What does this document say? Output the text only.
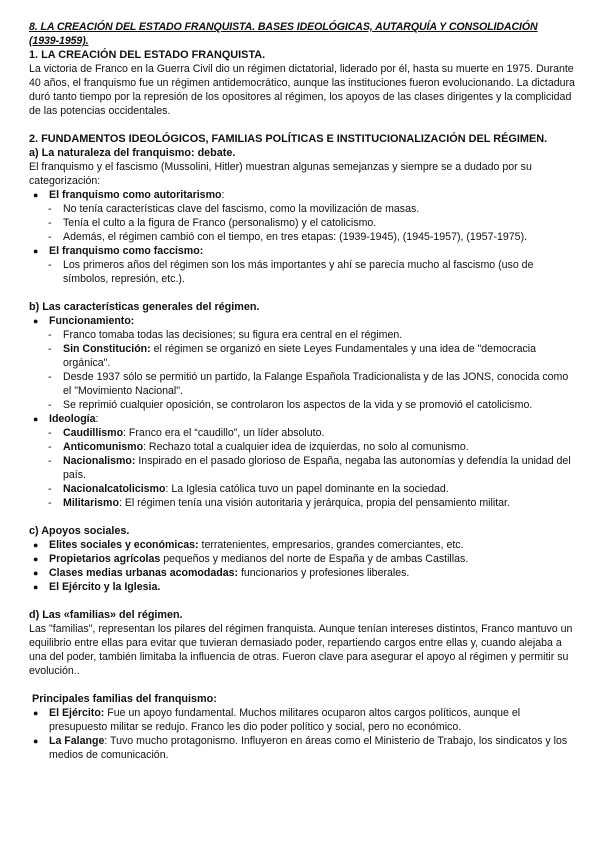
8. LA CREACIÓN DEL ESTADO FRANQUISTA. BASES IDEOLÓGICAS, AUTARQUÍA Y CONSOLIDACIÓN
(1939-1959).
1. LA CREACIÓN DEL ESTADO FRANQUISTA.

La victoria de Franco en la Guerra Civil dio un régimen dictatorial, liderado por él, hasta su muerte en 1975. Durante 40 años, el franquismo fue un régimen antidemocrático, aunque las instituciones fueron evolucionando. La dictadura duró tanto tiempo por la represión de los opositores al régimen, los apoyos de las clases dirigentes y la complicidad de las potencias occidentales.

2. FUNDAMENTOS IDEOLÓGICOS, FAMILIAS POLÍTICAS E INSTITUCIONALIZACIÓN DEL RÉGIMEN.
a) La naturaleza del franquismo: debate.

El franquismo y el fascismo (Mussolini, Hitler) muestran algunas semejanzas y siempre se a dudado por su categorización:

● El franquismo como autoritarismo:
- No tenía características clave del fascismo, como la movilización de masas.
- Tenía el culto a la figura de Franco (personalismo) y el catolicismo.
- Además, el régimen cambió con el tiempo, en tres etapas: (1939-1945), (1945-1957), (1957-1975).
● El franquismo como faccismo:
- Los primeros años del régimen son los más importantes y ahí se parecía mucho al fascismo (uso de símbolos, represión, etc.).
b) Las características generales del régimen.
● Funcionamiento:
- Franco tomaba todas las decisiones; su figura era central en el régimen.
- Sin Constitución: el régimen se organizó en siete Leyes Fundamentales y una idea de "democracia orgánica".
- Desde 1937 sólo se permitió un partido, la Falange Española Tradicionalista y de las JONS, conocida como el "Movimiento Nacional".
- Se reprimió cualquier oposición, se controlaron los aspectos de la vida y se promovió el catolicismo.
● Ideología:
- Caudillismo: Franco era el “caudillo”, un líder absoluto.
- Anticomunismo: Rechazo total a cualquier idea de izquierdas, no solo al comunismo.
- Nacionalismo: Inspirado en el pasado glorioso de España, negaba las autonomías y defendía la unidad del país.
- Nacionalcatolicismo: La Iglesia católica tuvo un papel dominante en la sociedad.
- Militarismo: El régimen tenía una visión autoritaria y jerárquica, propia del pensamiento militar.
c) Apoyos sociales.
● Elites sociales y económicas: terratenientes, empresarios, grandes comerciantes, etc.
● Propietarios agrícolas pequeños y medianos del norte de España y de ambas Castillas.
● Clases medias urbanas acomodadas: funcionarios y profesiones liberales.
● El Ejército y la Iglesia.
d) Las «familias» del régimen.

Las "familias", representan los pilares del régimen franquista. Aunque tenían intereses distintos, Franco mantuvo un equilibrio entre ellas para evitar que tuvieran demasiado poder, repartiendo cargos entre ellas y, cuando alejaba a una del poder, también limitaba la influencia de otras. Fueron clave para asegurar el apoyo al régimen y permitir su evolución..

Principales familias del franquismo:
● El Ejército: Fue un apoyo fundamental. Muchos militares ocuparon altos cargos políticos, aunque el presupuesto militar se redujo. Franco les dio poder político y social, pero no económico.
● La Falange: Tuvo mucho protagonismo. Influyeron en áreas como el Ministerio de Trabajo, los sindicatos y los medios de comunicación.
